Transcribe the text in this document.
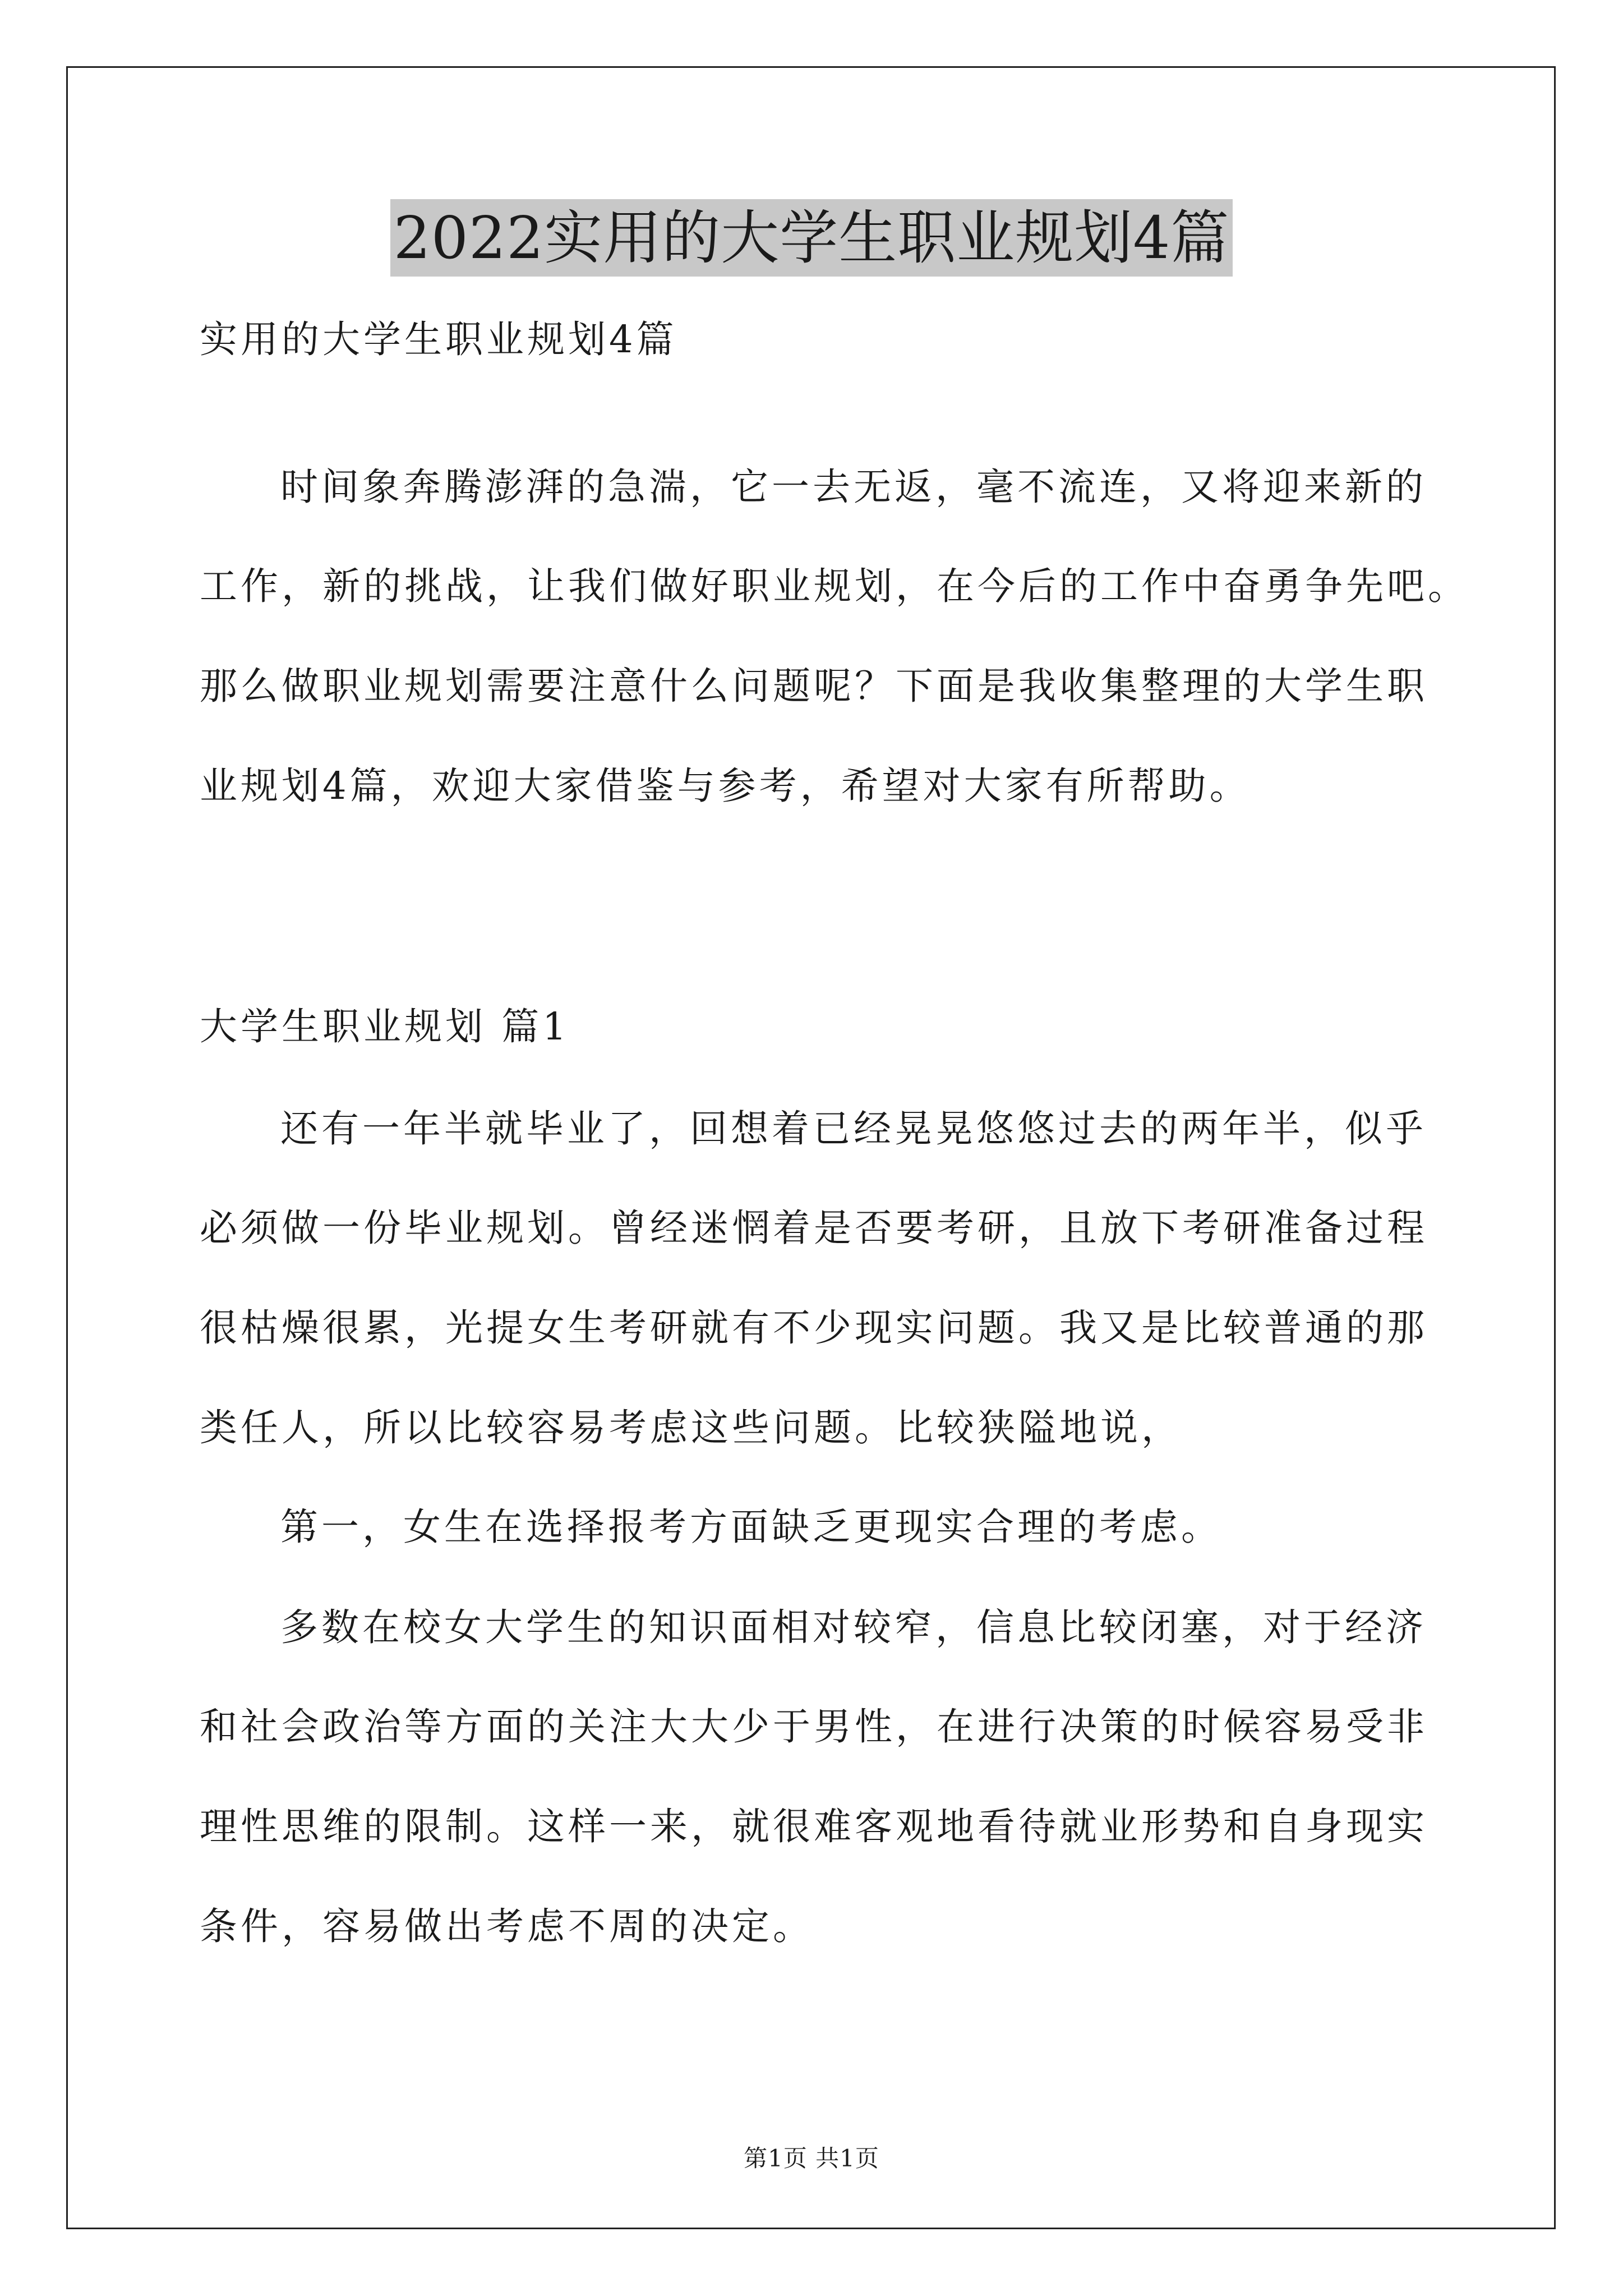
2022实用的大学生职业规划4篇
实用的大学生职业规划4篇
时间象奔腾澎湃的急湍，它一去无返，毫不流连，又将迎来新的
工作，新的挑战，让我们做好职业规划，在今后的工作中奋勇争先吧。
那么做职业规划需要注意什么问题呢？下面是我收集整理的大学生职
业规划4篇，欢迎大家借鉴与参考，希望对大家有所帮助。
大学生职业规划 篇1
还有一年半就毕业了，回想着已经晃晃悠悠过去的两年半，似乎
必须做一份毕业规划。曾经迷惘着是否要考研，且放下考研准备过程
很枯燥很累，光提女生考研就有不少现实问题。我又是比较普通的那
类任人，所以比较容易考虑这些问题。比较狭隘地说，
第一，女生在选择报考方面缺乏更现实合理的考虑。
多数在校女大学生的知识面相对较窄，信息比较闭塞，对于经济
和社会政治等方面的关注大大少于男性，在进行决策的时候容易受非
理性思维的限制。这样一来，就很难客观地看待就业形势和自身现实
条件，容易做出考虑不周的决定。
第1页 共1页
